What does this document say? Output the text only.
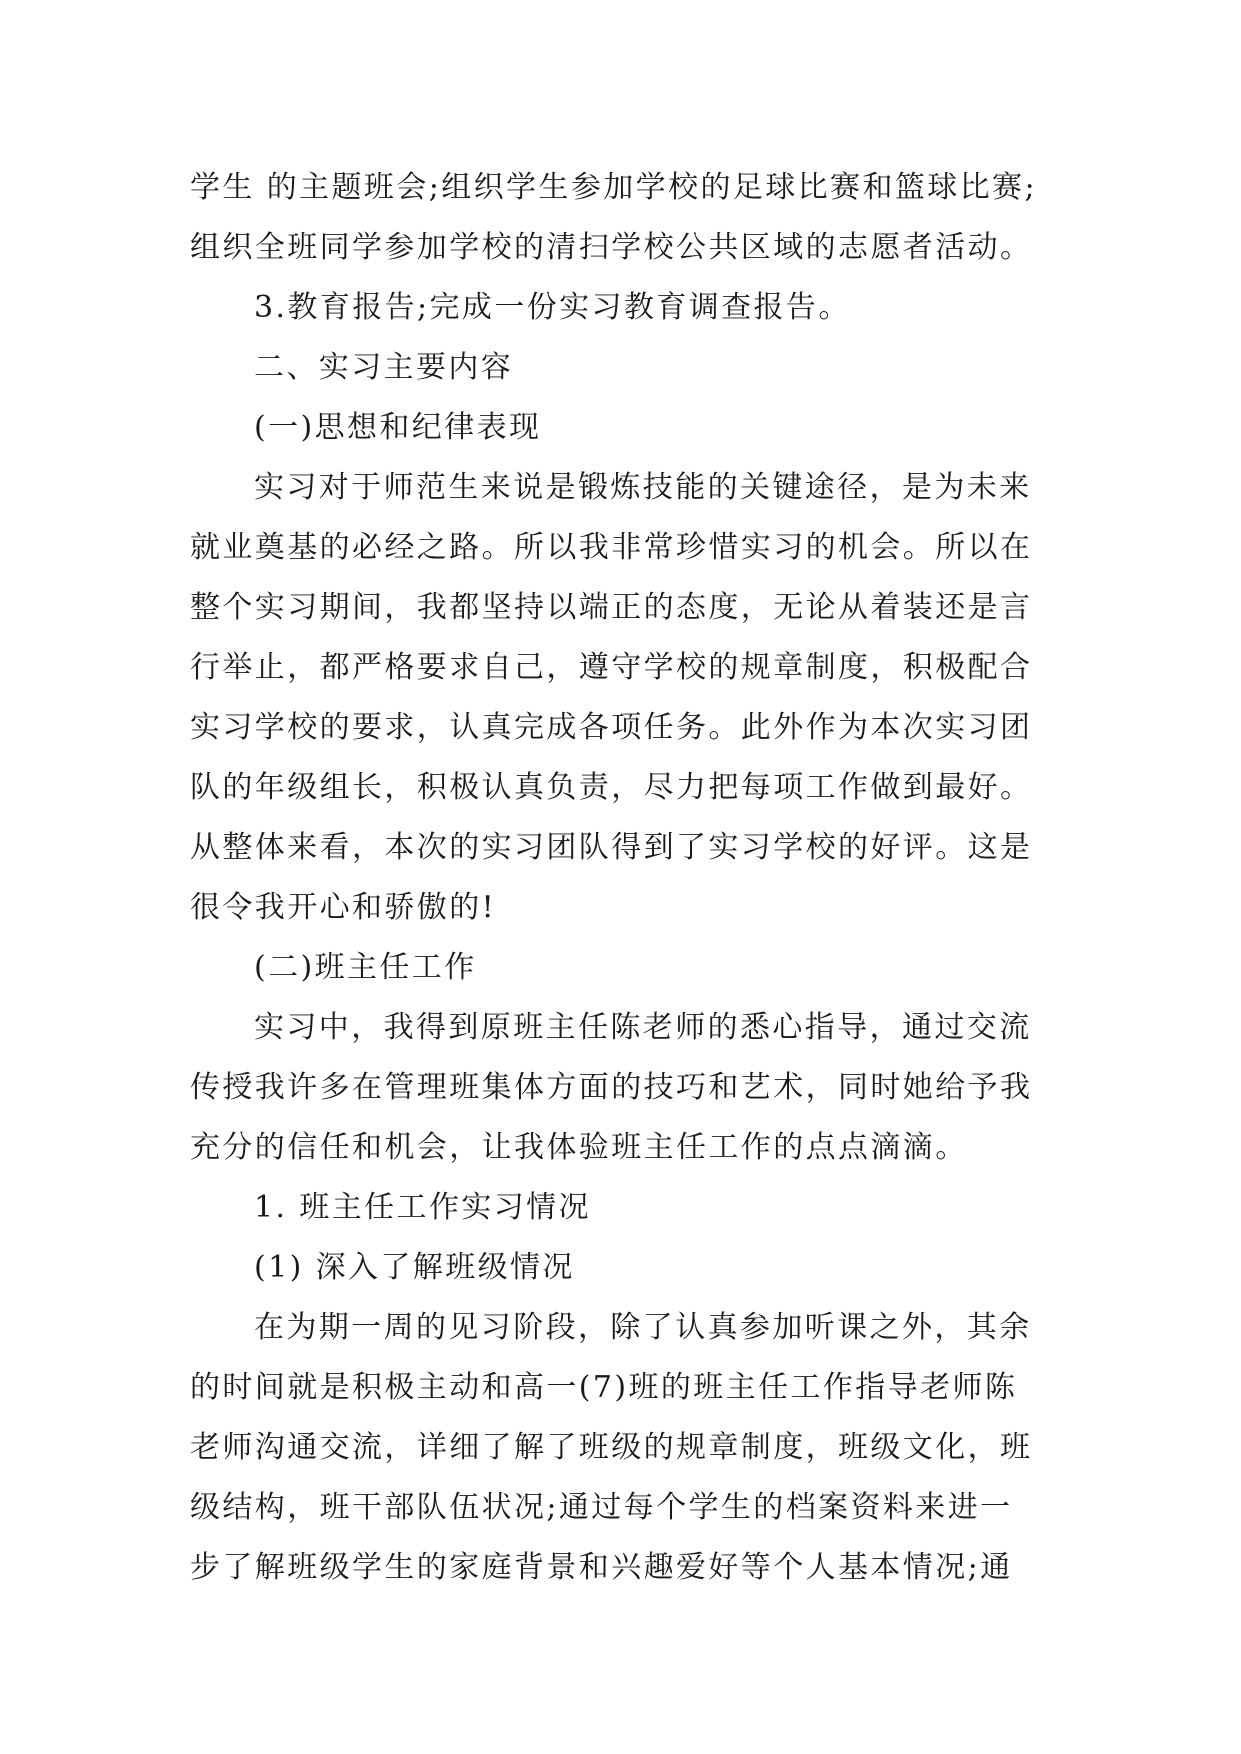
学生 的主题班会;组织学生参加学校的足球比赛和篮球比赛;
组织全班同学参加学校的清扫学校公共区域的志愿者活动。
3.教育报告;完成一份实习教育调查报告。
二、实习主要内容
(一)思想和纪律表现
实习对于师范生来说是锻炼技能的关键途径，是为未来
就业奠基的必经之路。所以我非常珍惜实习的机会。所以在
整个实习期间，我都坚持以端正的态度，无论从着装还是言
行举止，都严格要求自己，遵守学校的规章制度，积极配合
实习学校的要求，认真完成各项任务。此外作为本次实习团
队的年级组长，积极认真负责，尽力把每项工作做到最好。
从整体来看，本次的实习团队得到了实习学校的好评。这是
很令我开心和骄傲的!
(二)班主任工作
实习中，我得到原班主任陈老师的悉心指导，通过交流
传授我许多在管理班集体方面的技巧和艺术，同时她给予我
充分的信任和机会，让我体验班主任工作的点点滴滴。
1. 班主任工作实习情况
(1) 深入了解班级情况
在为期一周的见习阶段，除了认真参加听课之外，其余
的时间就是积极主动和高一(7)班的班主任工作指导老师陈
老师沟通交流，详细了解了班级的规章制度，班级文化，班
级结构，班干部队伍状况;通过每个学生的档案资料来进一
步了解班级学生的家庭背景和兴趣爱好等个人基本情况;通
